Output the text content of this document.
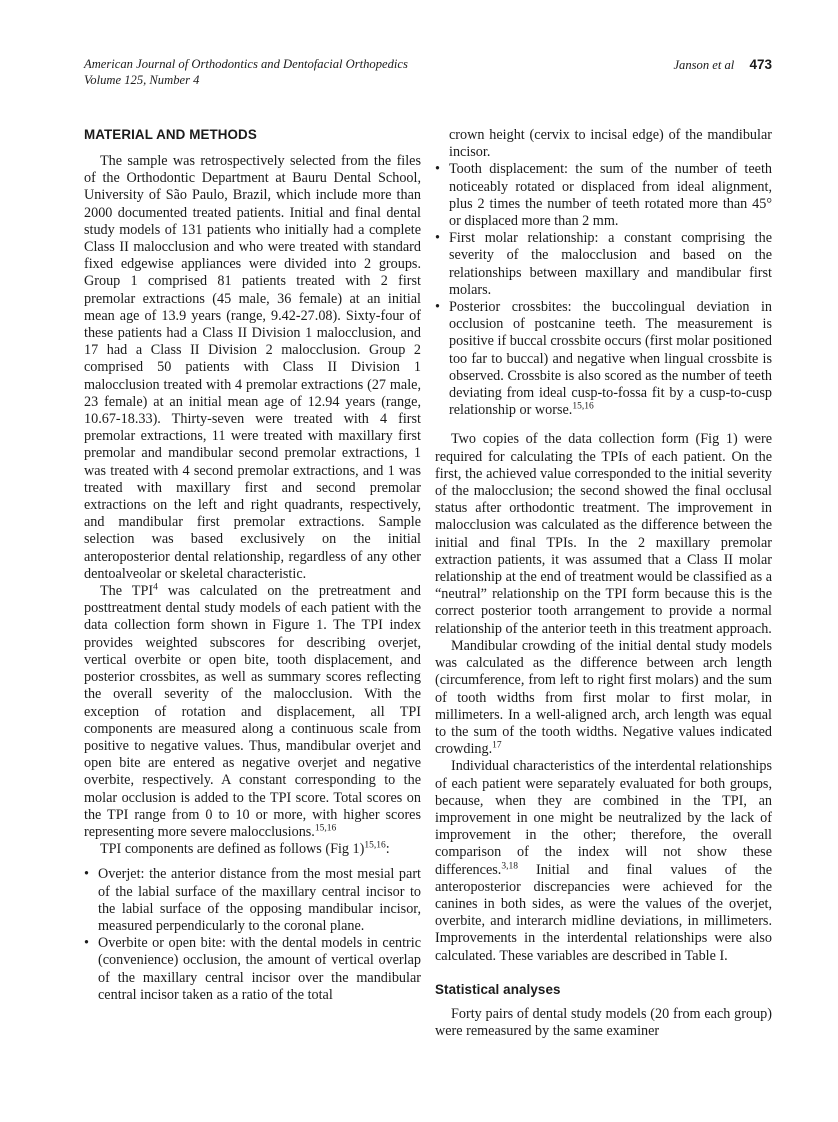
American Journal of Orthodontics and Dentofacial Orthopedics
Volume 125, Number 4
Janson et al 473
MATERIAL AND METHODS

The sample was retrospectively selected from the files of the Orthodontic Department at Bauru Dental School, University of São Paulo, Brazil, which include more than 2000 documented treated patients. Initial and final dental study models of 131 patients who initially had a complete Class II malocclusion and who were treated with standard fixed edgewise appliances were divided into 2 groups. Group 1 comprised 81 patients treated with 2 first premolar extractions (45 male, 36 female) at an initial mean age of 13.9 years (range, 9.42-27.08). Sixty-four of these patients had a Class II Division 1 malocclusion, and 17 had a Class II Division 2 malocclusion. Group 2 comprised 50 patients with Class II Division 1 malocclusion treated with 4 premolar extractions (27 male, 23 female) at an initial mean age of 12.94 years (range, 10.67-18.33). Thirty-seven were treated with 4 first premolar extractions, 11 were treated with maxillary first premolar and mandibular second premolar extractions, 1 was treated with 4 second premolar extractions, and 1 was treated with maxillary first and second premolar extractions on the left and right quadrants, respectively, and mandibular first premolar extractions. Sample selection was based exclusively on the initial anteroposterior dental relationship, regardless of any other dentoalveolar or skeletal characteristic.

The TPI$^4$ was calculated on the pretreatment and posttreatment dental study models of each patient with the data collection form shown in Figure 1. The TPI index provides weighted subscores for describing overjet, vertical overbite or open bite, tooth displacement, and posterior crossbites, as well as summary scores reflecting the overall severity of the malocclusion. With the exception of rotation and displacement, all TPI components are measured along a continuous scale from positive to negative values. Thus, mandibular overjet and open bite are entered as negative overjet and negative overbite, respectively. A constant corresponding to the molar occlusion is added to the TPI score. Total scores on the TPI range from 0 to 10 or more, with higher scores representing more severe malocclusions.$^{15,16}$

TPI components are defined as follows (Fig 1)$^{15,16}$:

• Overjet: the anterior distance from the most mesial part of the labial surface of the maxillary central incisor to the labial surface of the opposing mandibular incisor, measured perpendicularly to the coronal plane.
• Overbite or open bite: with the dental models in centric (convenience) occlusion, the amount of vertical overlap of the maxillary central incisor over the mandibular central incisor taken as a ratio of the total

crown height (cervix to incisal edge) of the mandibular incisor.

• Tooth displacement: the sum of the number of teeth noticeably rotated or displaced from ideal alignment, plus 2 times the number of teeth rotated more than 45° or displaced more than 2 mm.
• First molar relationship: a constant comprising the severity of the malocclusion and based on the relationships between maxillary and mandibular first molars.
• Posterior crossbites: the buccolingual deviation in occlusion of postcanine teeth. The measurement is positive if buccal crossbite occurs (first molar positioned too far to buccal) and negative when lingual crossbite is observed. Crossbite is also scored as the number of teeth deviating from ideal cusp-to-fossa fit by a cusp-to-cusp relationship or worse.$^{15,16}$

Two copies of the data collection form (Fig 1) were required for calculating the TPIs of each patient. On the first, the achieved value corresponded to the initial severity of the malocclusion; the second showed the final occlusal status after orthodontic treatment. The improvement in malocclusion was calculated as the difference between the initial and final TPIs. In the 2 maxillary premolar extraction patients, it was assumed that a Class II molar relationship at the end of treatment would be classified as a “neutral” relationship on the TPI form because this is the correct posterior tooth arrangement to provide a normal relationship of the anterior teeth in this treatment approach.

Mandibular crowding of the initial dental study models was calculated as the difference between arch length (circumference, from left to right first molars) and the sum of tooth widths from first molar to first molar, in millimeters. In a well-aligned arch, arch length was equal to the sum of the tooth widths. Negative values indicated crowding.$^{17}$

Individual characteristics of the interdental relationships of each patient were separately evaluated for both groups, because, when they are combined in the TPI, an improvement in one might be neutralized by the lack of improvement in the other; therefore, the overall comparison of the index will not show these differences.$^{3,18}$ Initial and final values of the anteroposterior discrepancies were achieved for the canines in both sides, as were the values of the overjet, overbite, and interarch midline deviations, in millimeters. Improvements in the interdental relationships were also calculated. These variables are described in Table I.

Statistical analyses

Forty pairs of dental study models (20 from each group) were remeasured by the same examiner
